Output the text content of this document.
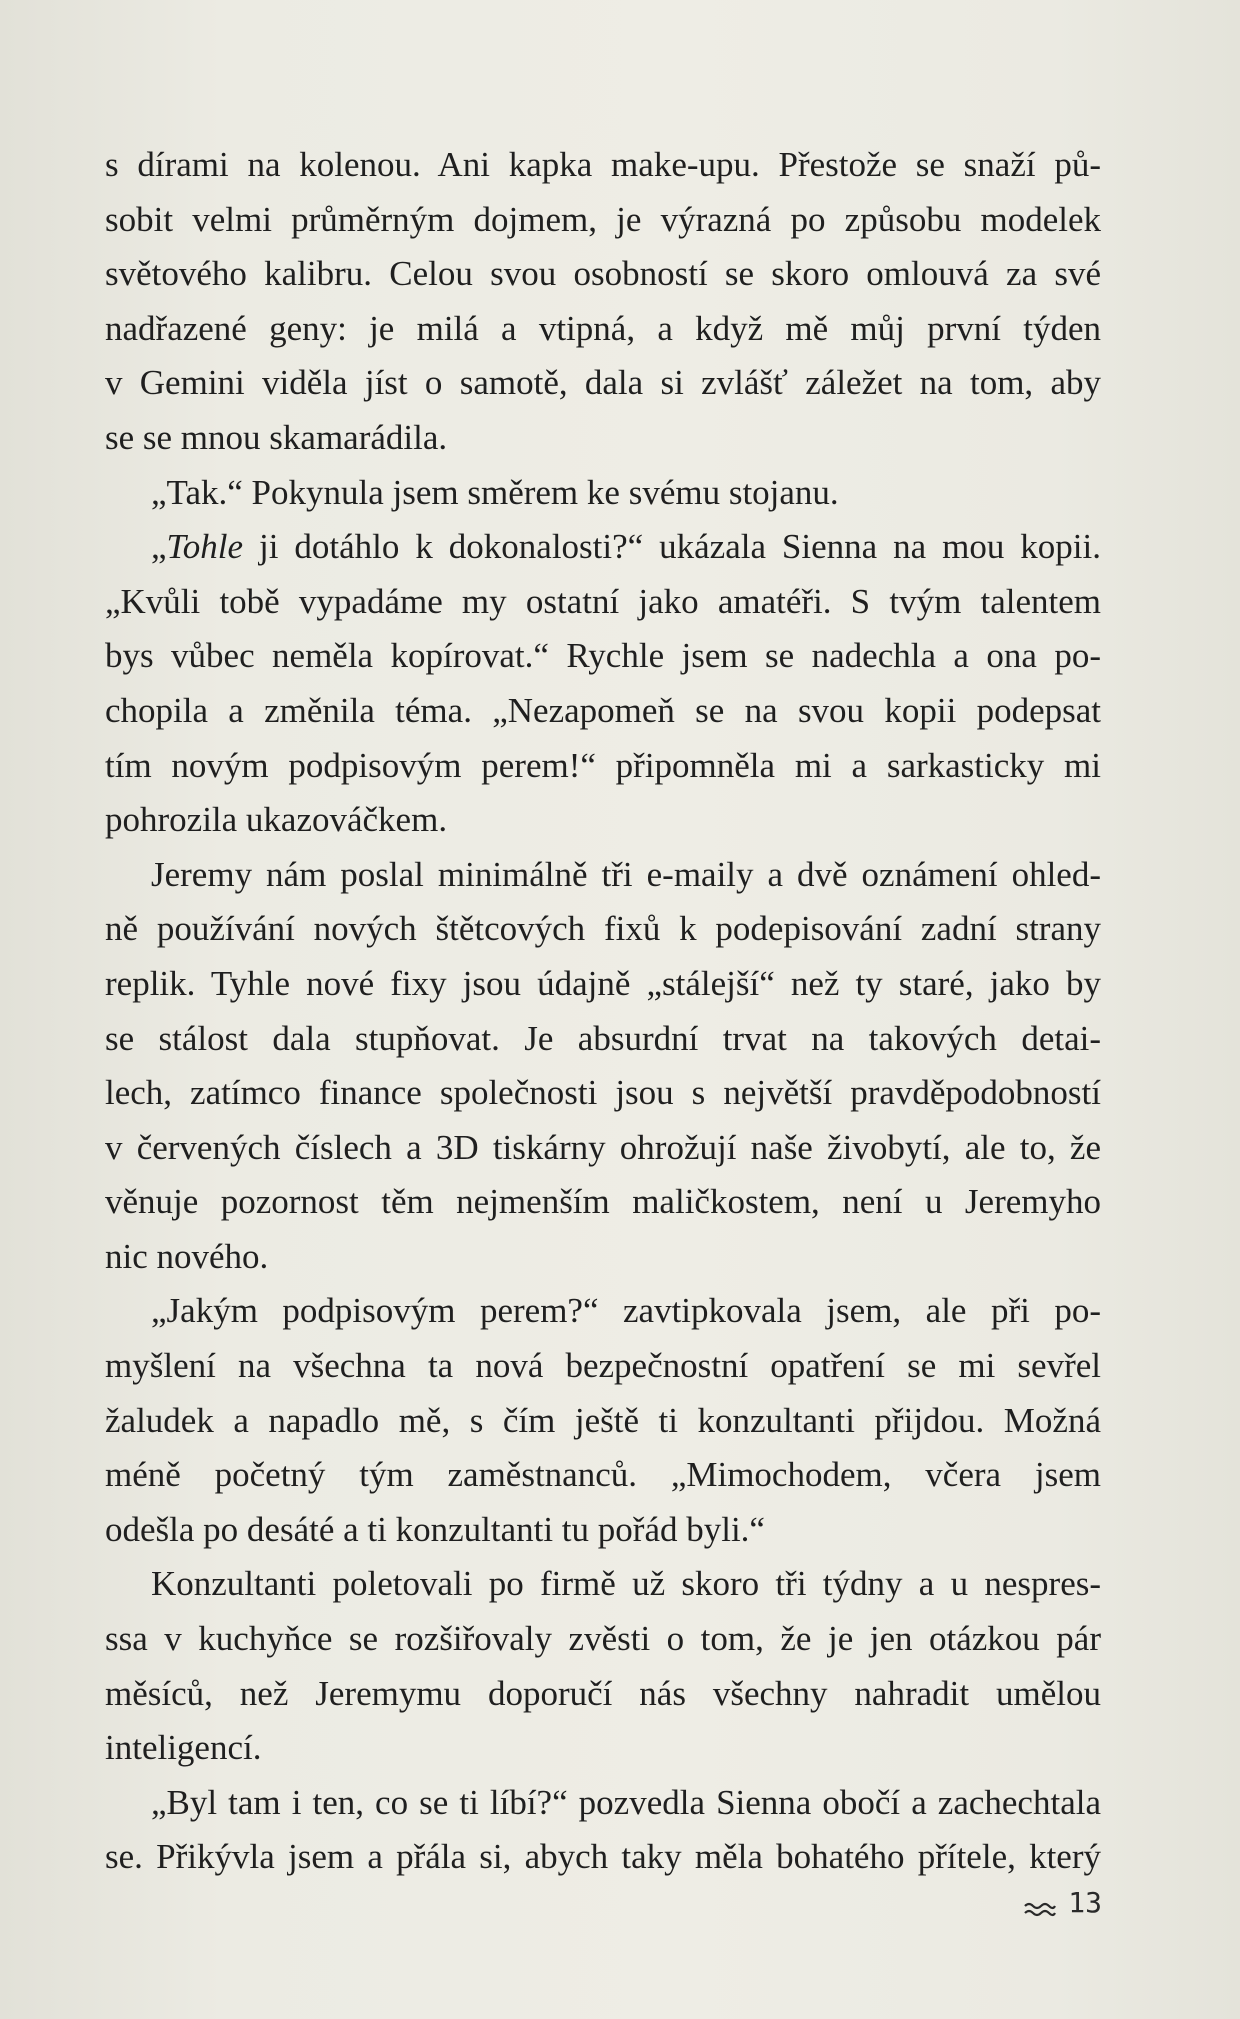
s dírami na kolenou. Ani kapka make-upu. Přestože se snaží pů-
sobit velmi průměrným dojmem, je výrazná po způsobu modelek
světového kalibru. Celou svou osobností se skoro omlouvá za své
nadřazené geny: je milá a vtipná, a když mě můj první týden
v Gemini viděla jíst o samotě, dala si zvlášť záležet na tom, aby
se se mnou skamarádila.
„Tak.“ Pokynula jsem směrem ke svému stojanu.
„Tohle ji dotáhlo k dokonalosti?“ ukázala Sienna na mou kopii.
„Kvůli tobě vypadáme my ostatní jako amatéři. S tvým talentem
bys vůbec neměla kopírovat.“ Rychle jsem se nadechla a ona po-
chopila a změnila téma. „Nezapomeň se na svou kopii podepsat
tím novým podpisovým perem!“ připomněla mi a sarkasticky mi
pohrozila ukazováčkem.
Jeremy nám poslal minimálně tři e-maily a dvě oznámení ohled-
ně používání nových štětcových fixů k podepisování zadní strany
replik. Tyhle nové fixy jsou údajně „stálejší“ než ty staré, jako by
se stálost dala stupňovat. Je absurdní trvat na takových detai-
lech, zatímco finance společnosti jsou s největší pravděpodobností
v červených číslech a 3D tiskárny ohrožují naše živobytí, ale to, že
věnuje pozornost těm nejmenším maličkostem, není u Jeremyho
nic nového.
„Jakým podpisovým perem?“ zavtipkovala jsem, ale při po-
myšlení na všechna ta nová bezpečnostní opatření se mi sevřel
žaludek a napadlo mě, s čím ještě ti konzultanti přijdou. Možná
méně početný tým zaměstnanců. „Mimochodem, včera jsem
odešla po desáté a ti konzultanti tu pořád byli.“
Konzultanti poletovali po firmě už skoro tři týdny a u nespres-
ssa v kuchyňce se rozšiřovaly zvěsti o tom, že je jen otázkou pár
měsíců, než Jeremymu doporučí nás všechny nahradit umělou
inteligencí.
„Byl tam i ten, co se ti líbí?“ pozvedla Sienna obočí a zachechtala
se. Přikývla jsem a přála si, abych taky měla bohatého přítele, který
13
